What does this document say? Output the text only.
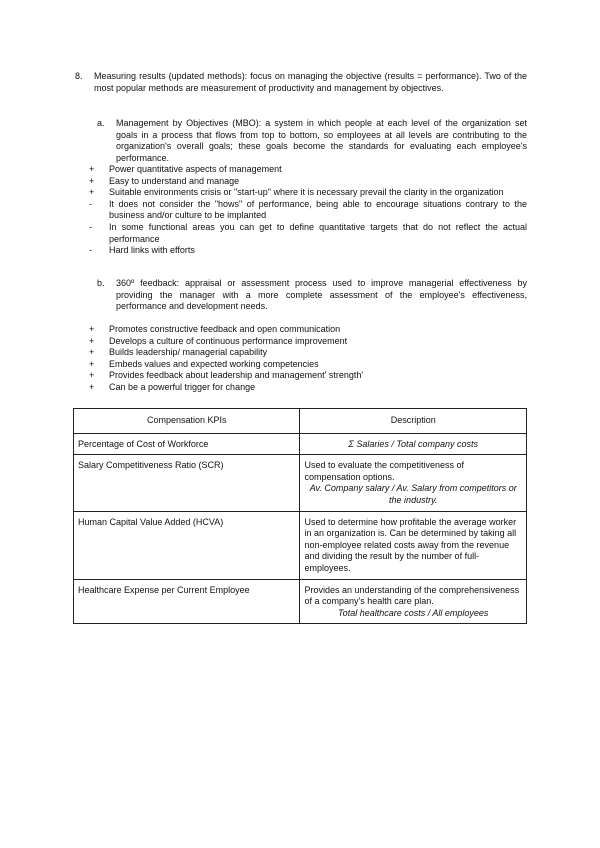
8. Measuring results (updated methods): focus on managing the objective (results = performance). Two of the most popular methods are measurement of productivity and management by objectives.
a. Management by Objectives (MBO): a system in which people at each level of the organization set goals in a process that flows from top to bottom, so employees at all levels are contributing to the organization's overall goals; these goals become the standards for evaluating each employee's performance.
+	Power quantitative aspects of management
+	Easy to understand and manage
+	Suitable environments crisis or "start-up" where it is necessary prevail the clarity in the organization
-	It does not consider the "hows" of performance, being able to encourage situations contrary to the business and/or culture to be implanted
-	In some functional areas you can get to define quantitative targets that do not reflect the actual performance
-	Hard links with efforts
b. 360º feedback: appraisal or assessment process used to improve managerial effectiveness by providing the manager with a more complete assessment of the employee's effectiveness, performance and development needs.
+	Promotes constructive feedback and open communication
+	Develops a culture of continuous performance improvement
+	Builds leadership/ managerial capability
+	Embeds values and expected working competencies
+	Provides feedback about leadership and management' strength'
+	Can be a powerful trigger for change
Compensation KPIs	Description
Percentage of Cost of Workforce	Σ Salaries / Total company costs

Salary Competitiveness Ratio (SCR)	Used to evaluate the competitiveness of compensation options.
Av. Company salary / Av. Salary from competitors or the industry.

Human Capital Value Added (HCVA)	Used to determine how profitable the average worker in an organization is. Can be determined by taking all non-employee related costs away from the revenue and dividing the result by the number of full-employees.

Healthcare Expense per Current Employee	Provides an understanding of the comprehensiveness of a company's health care plan.
Total healthcare costs / All employees
